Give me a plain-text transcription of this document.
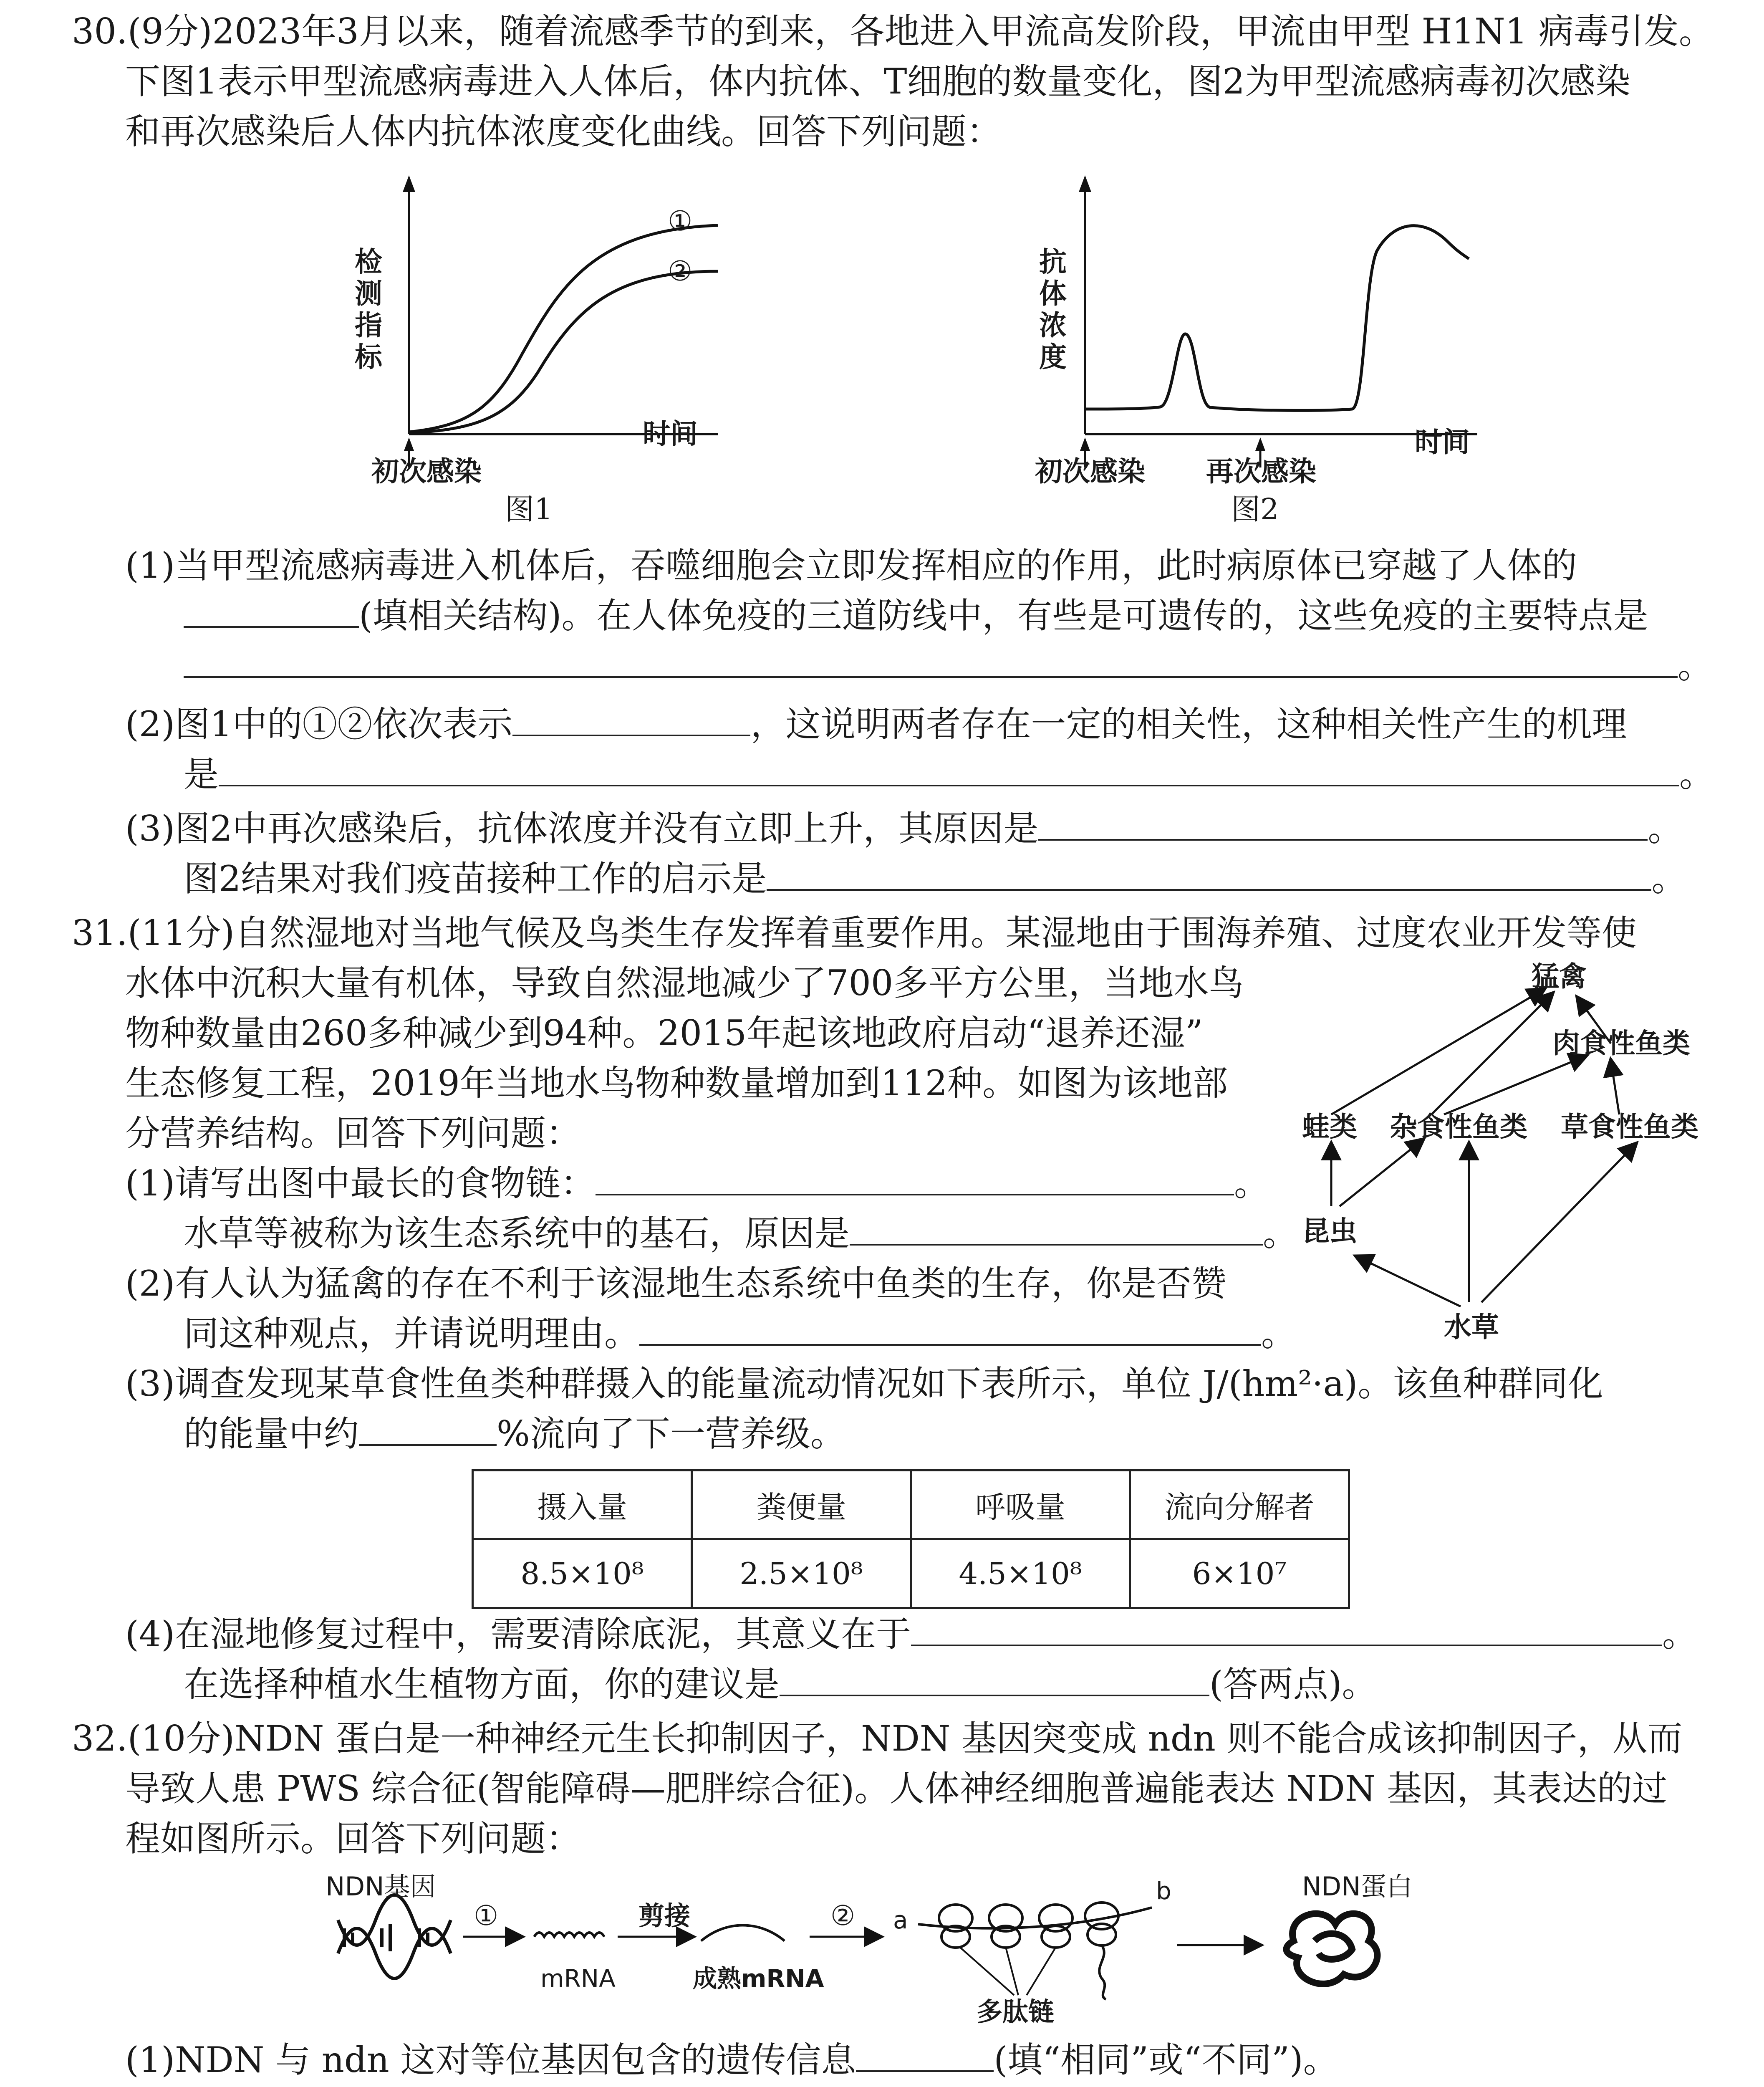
30.(9分)2023年3月以来，随着流感季节的到来，各地进入甲流高发阶段，甲流由甲型 H1N1 病毒引发。
下图1表示甲型流感病毒进入人体后，体内抗体、T细胞的数量变化，图2为甲型流感病毒初次感染
和再次感染后人体内抗体浓度变化曲线。回答下列问题：
检测指标
时间
初次感染
①
②
图1
抗体浓度
时间
初次感染 再次感染
图2
(1)当甲型流感病毒进入机体后，吞噬细胞会立即发挥相应的作用，此时病原体已穿越了人体的
(填相关结构)。在人体免疫的三道防线中，有些是可遗传的，这些免疫的主要特点是
。
(2)图1中的①②依次表示	，这说明两者存在一定的相关性，这种相关性产生的机理
是	。
(3)图2中再次感染后，抗体浓度并没有立即上升，其原因是	。
图2结果对我们疫苗接种工作的启示是	。
31.(11分)自然湿地对当地气候及鸟类生存发挥着重要作用。某湿地由于围海养殖、过度农业开发等使
水体中沉积大量有机体，导致自然湿地减少了700多平方公里，当地水鸟
物种数量由260多种减少到94种。2015年起该地政府启动“退养还湿”
生态修复工程，2019年当地水鸟物种数量增加到112种。如图为该地部
分营养结构。回答下列问题：
猛禽
肉食性鱼类
蛙类 杂食性鱼类 草食性鱼类
昆虫
水草
(1)请写出图中最长的食物链：	。
水草等被称为该生态系统中的基石，原因是	。
(2)有人认为猛禽的存在不利于该湿地生态系统中鱼类的生存，你是否赞
同这种观点，并请说明理由。	。
(3)调查发现某草食性鱼类种群摄入的能量流动情况如下表所示，单位 J/(hm²·a)。该鱼种群同化
的能量中约	%流向了下一营养级。
摄入量	粪便量	呼吸量	流向分解者
8.5×10⁸	2.5×10⁸	4.5×10⁸	6×10⁷
(4)在湿地修复过程中，需要清除底泥，其意义在于	。
在选择种植水生植物方面，你的建议是	(答两点)。
32.(10分)NDN 蛋白是一种神经元生长抑制因子，NDN 基因突变成 ndn 则不能合成该抑制因子，从而
导致人患 PWS 综合征(智能障碍—肥胖综合征)。人体神经细胞普遍能表达 NDN 基因，其表达的过
程如图所示。回答下列问题：
NDN基因
①
mRNA
剪接
成熟mRNA
② a
b
多肽链
NDN蛋白
(1)NDN 与 ndn 这对等位基因包含的遗传信息	(填“相同”或“不同”)。
